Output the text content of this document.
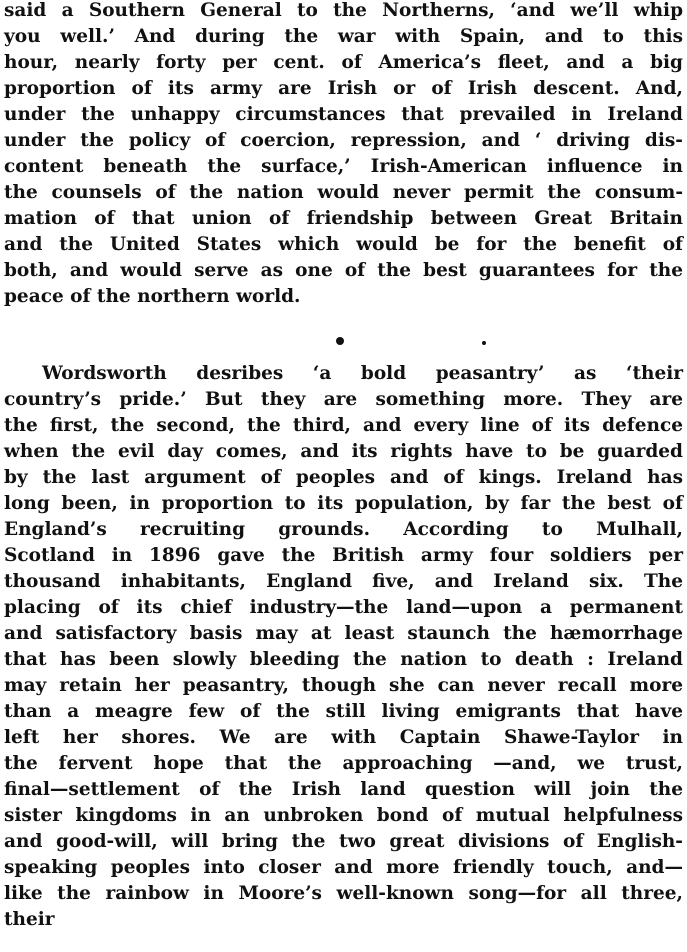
said a Southern General to the Northerns, ‘and we’ll whip
you well.’ And during the war with Spain, and to this
hour, nearly forty per cent. of America’s fleet, and a big
proportion of its army are Irish or of Irish descent. And,
under the unhappy circumstances that prevailed in Ireland
under the policy of coercion, repression, and ‘ driving dis-
content beneath the surface,’ Irish-American influence in
the counsels of the nation would never permit the consum-
mation of that union of friendship between Great Britain
and the United States which would be for the benefit of
both, and would serve as one of the best guarantees for the
peace of the northern world.
Wordsworth desribes ‘a bold peasantry’ as ‘their
country’s pride.’ But they are something more. They are
the first, the second, the third, and every line of its defence
when the evil day comes, and its rights have to be guarded
by the last argument of peoples and of kings. Ireland has
long been, in proportion to its population, by far the best of
England’s recruiting grounds. According to Mulhall,
Scotland in 1896 gave the British army four soldiers per
thousand inhabitants, England five, and Ireland six. The
placing of its chief industry—the land—upon a permanent
and satisfactory basis may at least staunch the hæmorrhage
that has been slowly bleeding the nation to death : Ireland
may retain her peasantry, though she can never recall more
than a meagre few of the still living emigrants that have
left her shores. We are with Captain Shawe-Taylor in
the fervent hope that the approaching —and, we trust,
final—settlement of the Irish land question will join the
sister kingdoms in an unbroken bond of mutual helpfulness
and good-will, will bring the two great divisions of English-
speaking peoples into closer and more friendly touch, and—
like the rainbow in Moore’s well-known song—for all three,
their
